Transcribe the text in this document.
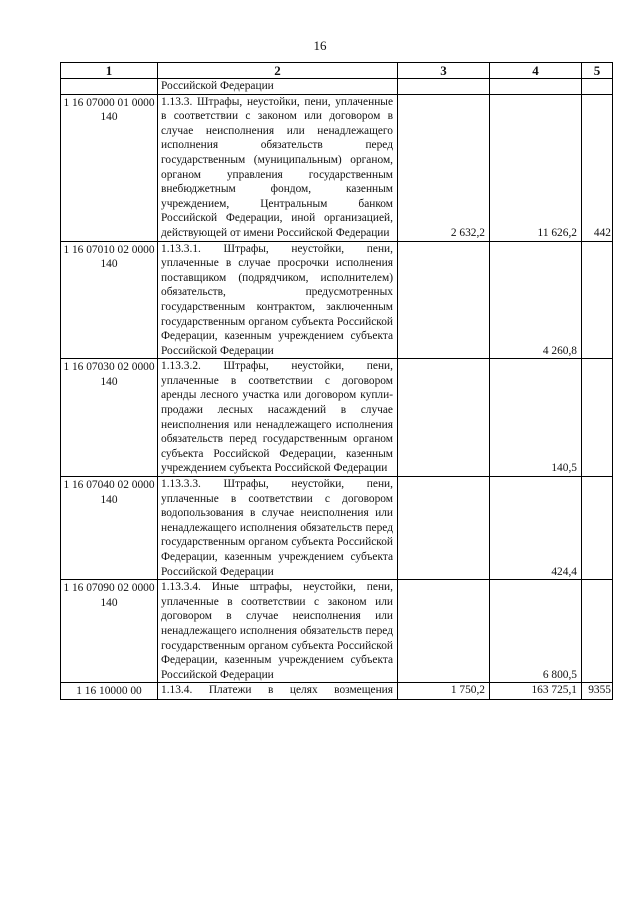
16
1	2	3	4	5
	Российской Федерации			
1 16 07000 01 0000 140	1.13.3. Штрафы, неустойки, пени, уплаченные в соответствии с законом или договором в случае неисполнения или ненадлежащего исполнения обязательств перед государственным (муниципальным) органом, органом управления государственным внебюджетным фондом, казенным учреждением, Центральным банком Российской Федерации, иной организацией, действующей от имени Российской Федерации	2 632,2	11 626,2	442
1 16 07010 02 0000 140	1.13.3.1. Штрафы, неустойки, пени, уплаченные в случае просрочки исполнения поставщиком (подрядчиком, исполнителем) обязательств, предусмотренных государственным контрактом, заключенным государственным органом субъекта Российской Федерации, казенным учреждением субъекта Российской Федерации		4 260,8	
1 16 07030 02 0000 140	1.13.3.2. Штрафы, неустойки, пени, уплаченные в соответствии с договором аренды лесного участка или договором купли-продажи лесных насаждений в случае неисполнения или ненадлежащего исполнения обязательств перед государственным органом субъекта Российской Федерации, казенным учреждением субъекта Российской Федерации		140,5	
1 16 07040 02 0000 140	1.13.3.3. Штрафы, неустойки, пени, уплаченные в соответствии с договором водопользования в случае неисполнения или ненадлежащего исполнения обязательств перед государственным органом субъекта Российской Федерации, казенным учреждением субъекта Российской Федерации		424,4	
1 16 07090 02 0000 140	1.13.3.4. Иные штрафы, неустойки, пени, уплаченные в соответствии с законом или договором в случае неисполнения или ненадлежащего исполнения обязательств перед государственным органом субъекта Российской Федерации, казенным учреждением субъекта Российской Федерации		6 800,5	
1 16 10000 00	1.13.4. Платежи в целях возмещения	1 750,2	163 725,1	9355
